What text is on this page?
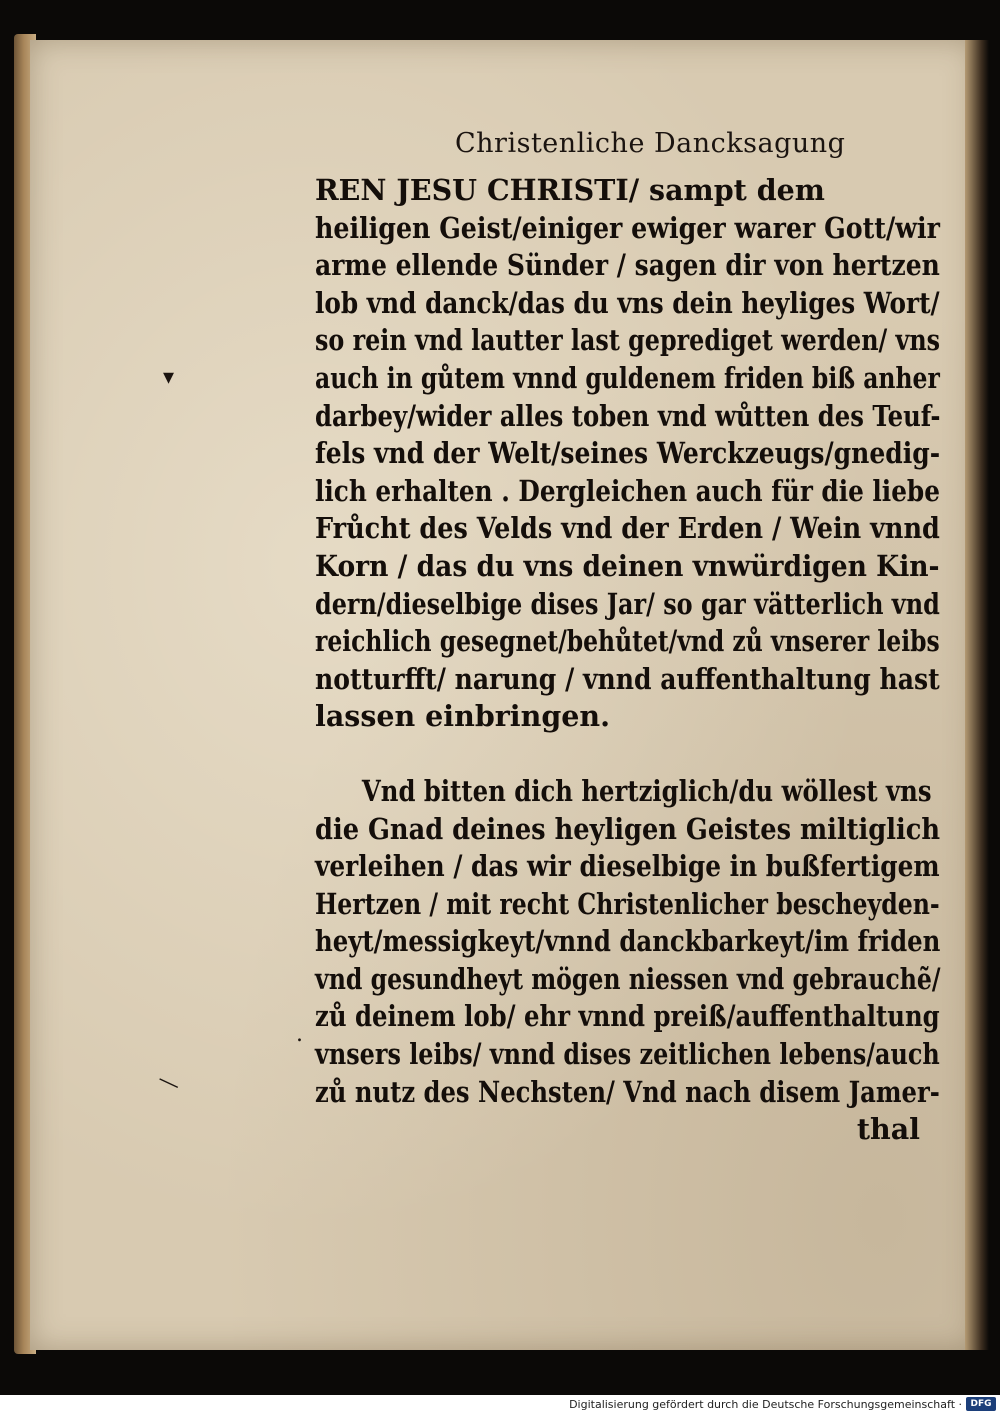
Christenliche Dancksagung
▾
.
—
REN JESU CHRISTI/ sampt dem
heiligen Geist/einiger ewiger warer Gott/wir
arme ellende Sünder / sagen dir von hertzen
lob vnd danck/das du vns dein heyliges Wort/
so rein vnd lautter last geprediget werden/ vns
auch in gůtem vnnd guldenem friden biß anher
darbey/wider alles toben vnd wůtten des Teuf-
fels vnd der Welt/seines Werckzeugs/gnedig-
lich erhalten . Dergleichen auch für die liebe
Frůcht des Velds vnd der Erden / Wein vnnd
Korn / das du vns deinen vnwürdigen Kin-
dern/dieselbige dises Jar/ so gar vätterlich vnd
reichlich gesegnet/behůtet/vnd zů vnserer leibs
notturfft/ narung / vnnd auffenthaltung hast
lassen einbringen.
Vnd bitten dich hertziglich/du wöllest vns
die Gnad deines heyligen Geistes miltiglich
verleihen / das wir dieselbige in bußfertigem
Hertzen / mit recht Christenlicher bescheyden-
heyt/messigkeyt/vnnd danckbarkeyt/im friden
vnd gesundheyt mögen niessen vnd gebrauchẽ/
zů deinem lob/ ehr vnnd preiß/auffenthaltung
vnsers leibs/ vnnd dises zeitlichen lebens/auch
zů nutz des Nechsten/ Vnd nach disem Jamer-
thal
Digitalisierung gefördert durch die Deutsche Forschungsgemeinschaft · DFG
